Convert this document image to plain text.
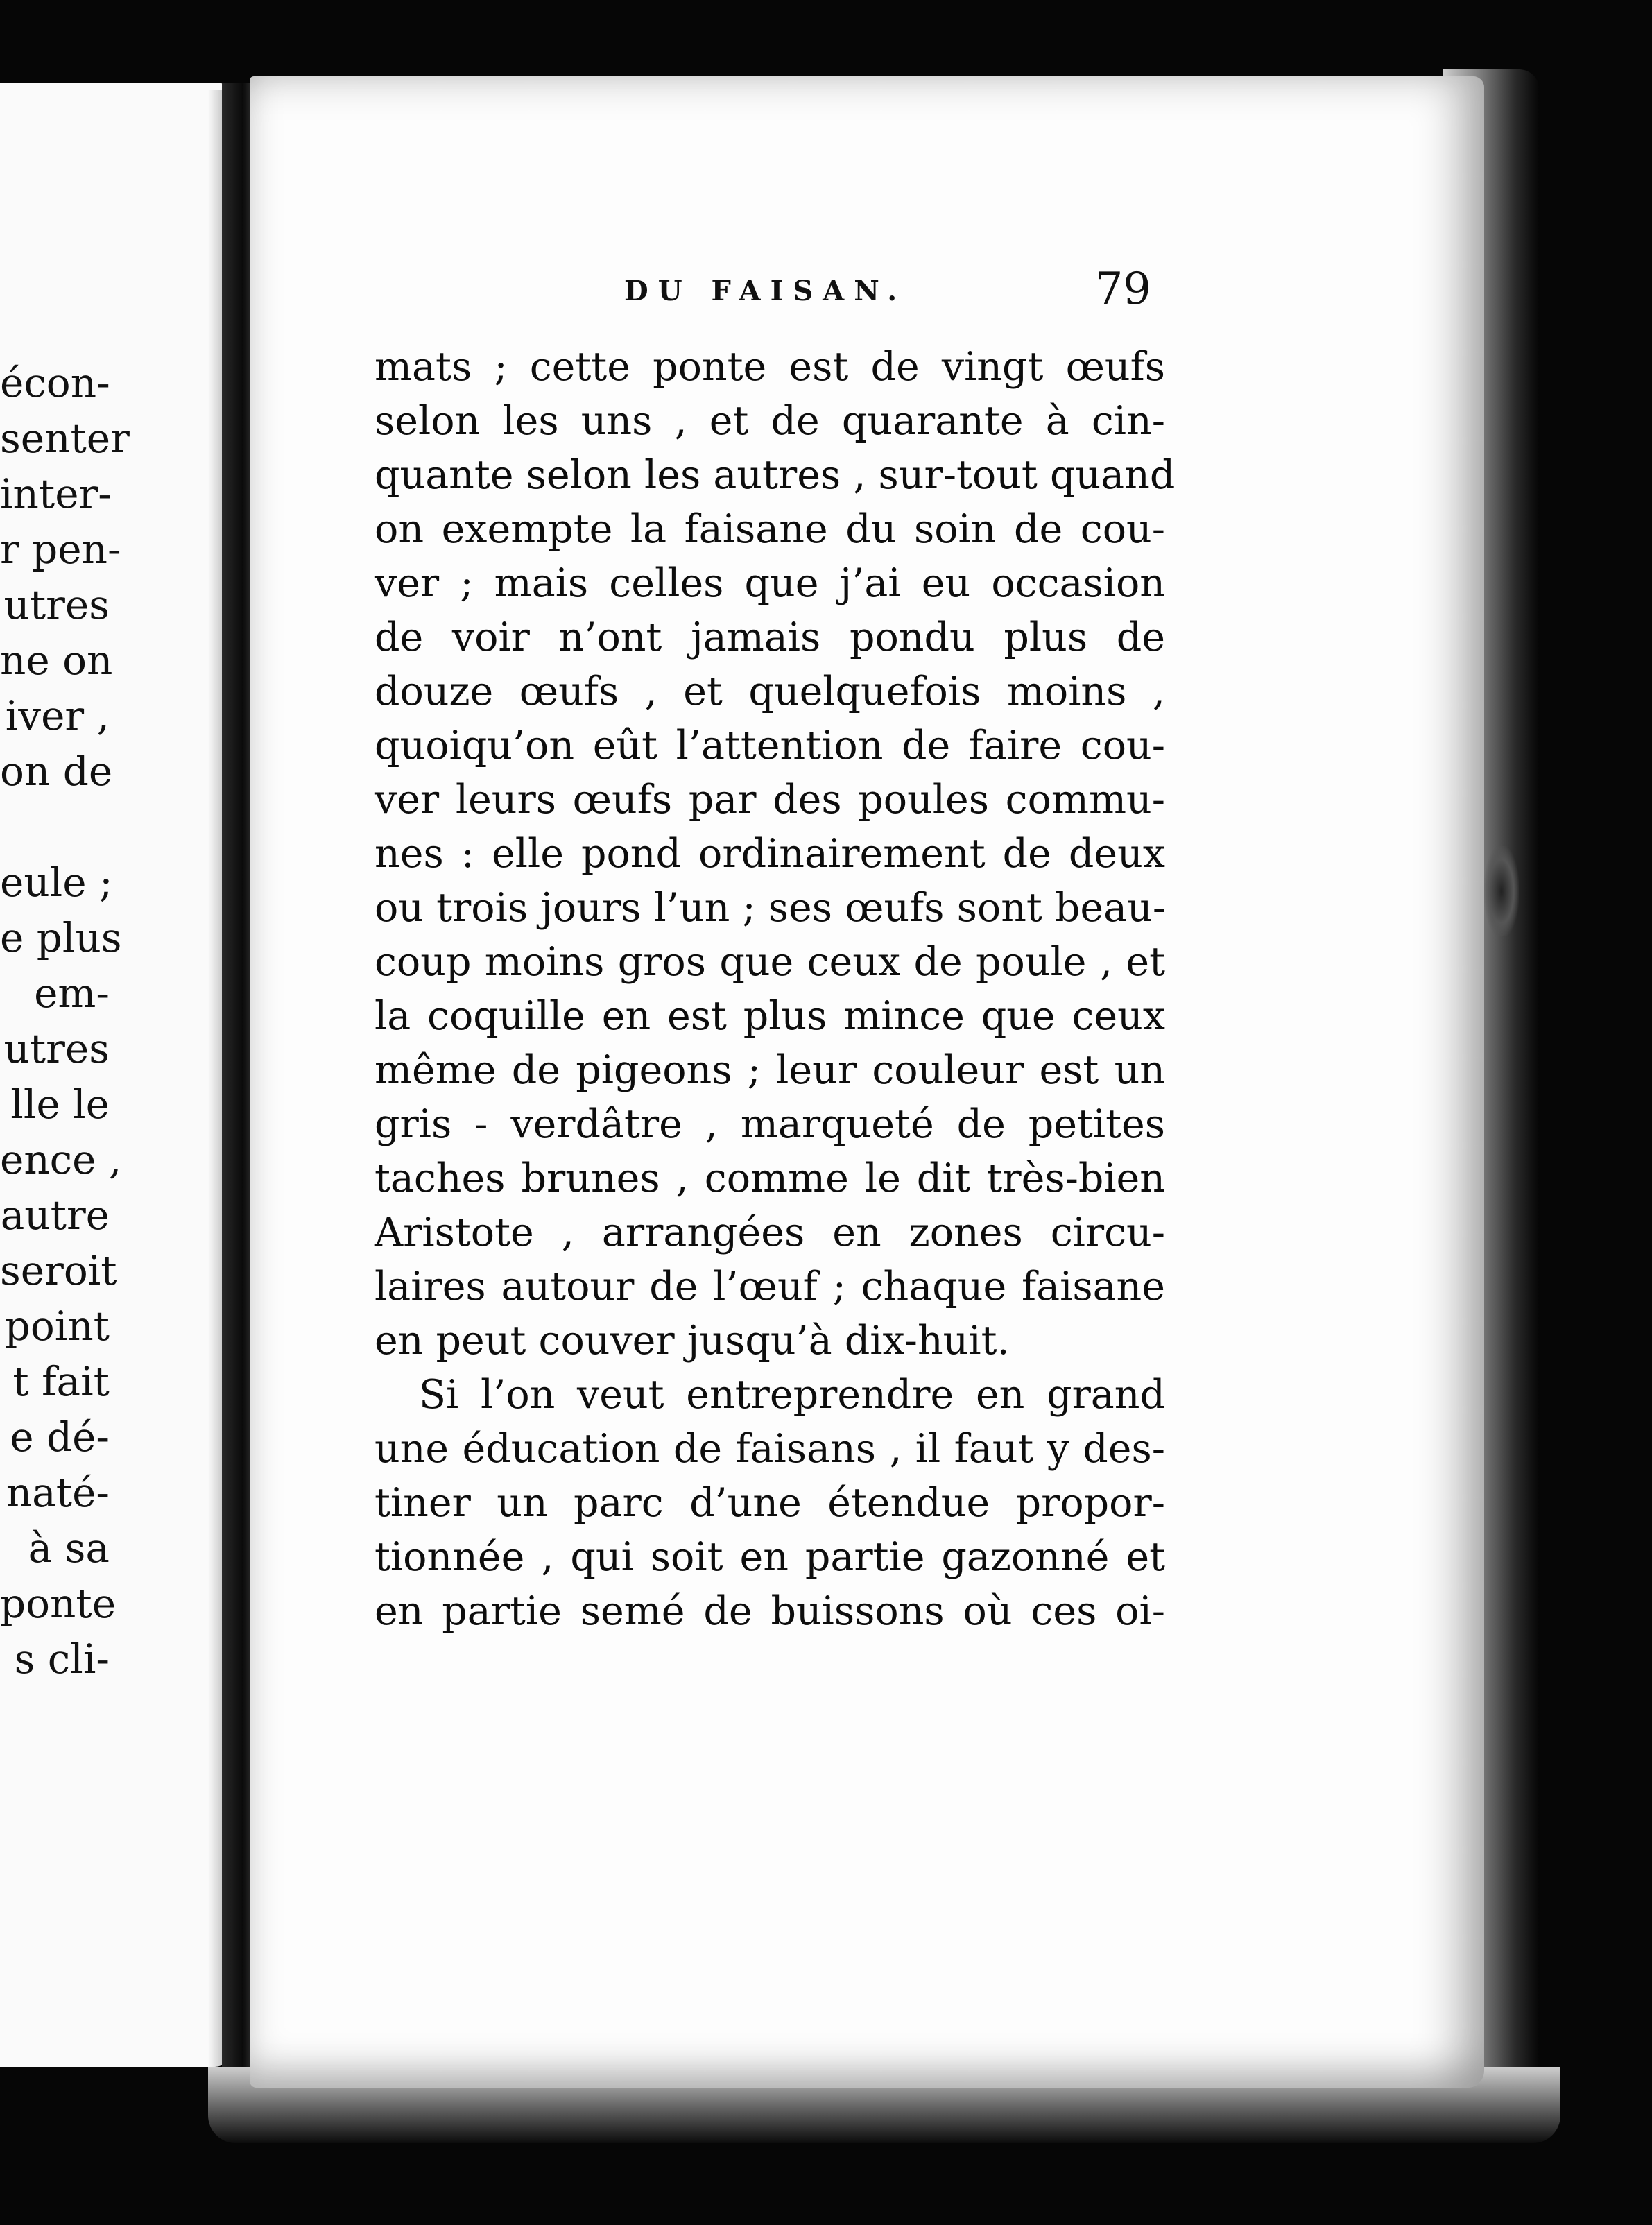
écon-
senter
inter-
r pen-
utres
ne on
iver ,
on de
eule ;
e plus
em-
utres
lle le
ence ,
autre
seroit
point
t fait
e dé-
naté-
à sa
ponte
s cli-
DU FAISAN.	79
mats ; cette ponte est de vingt œufs
selon les uns , et de quarante à cin-
quante selon les autres , sur-tout quand
on exempte la faisane du soin de cou-
ver ; mais celles que j’ai eu occasion
de voir n’ont jamais pondu plus de
douze œufs , et quelquefois moins ,
quoiqu’on eût l’attention de faire cou-
ver leurs œufs par des poules commu-
nes : elle pond ordinairement de deux
ou trois jours l’un ; ses œufs sont beau-
coup moins gros que ceux de poule , et
la coquille en est plus mince que ceux
même de pigeons ; leur couleur est un
gris - verdâtre , marqueté de petites
taches brunes , comme le dit très-bien
Aristote , arrangées en zones circu-
laires autour de l’œuf ; chaque faisane
en peut couver jusqu’à dix-huit.
Si l’on veut entreprendre en grand
une éducation de faisans , il faut y des-
tiner un parc d’une étendue propor-
tionnée , qui soit en partie gazonné et
en partie semé de buissons où ces oi-
